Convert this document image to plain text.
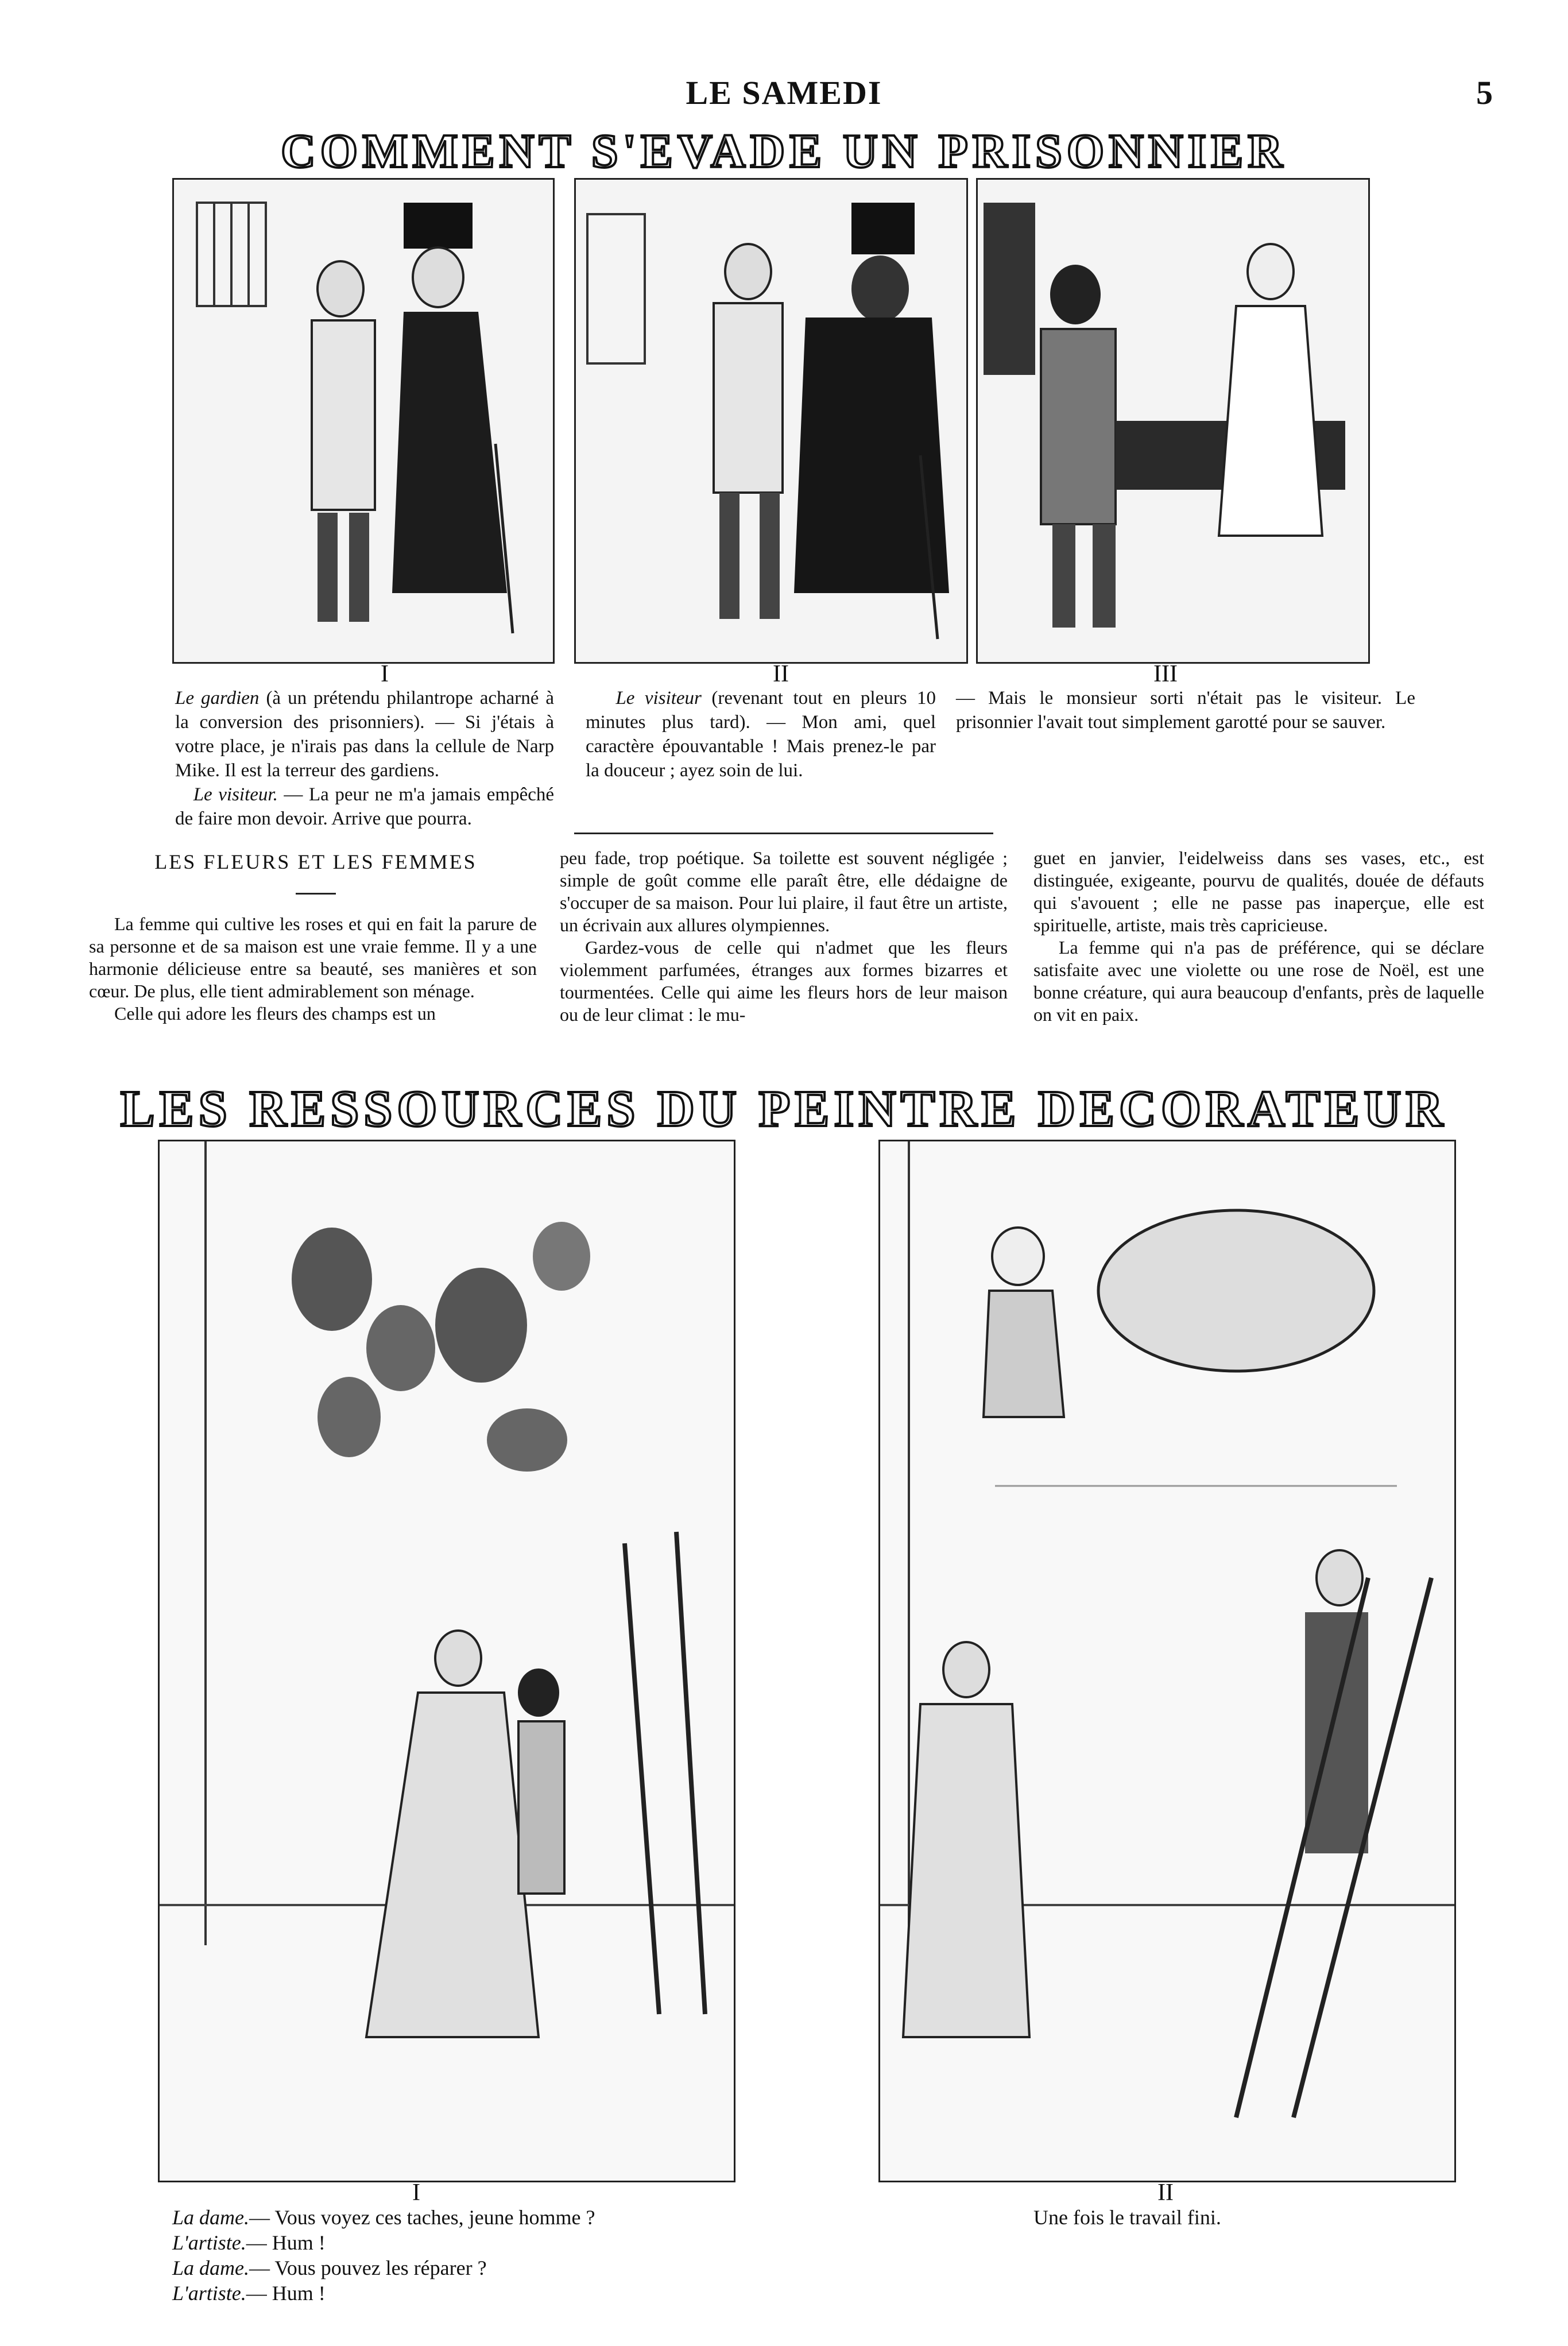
LE SAMEDI	5
COMMENT S'EVADE UN PRISONNIER
I	II	III
Le gardien (à un prétendu philantrope acharné à la conversion des prisonniers). — Si j'étais à votre place, je n'irais pas dans la cellule de Narp Mike. Il est la terreur des gardiens.
Le visiteur. — La peur ne m'a jamais empêché de faire mon devoir. Arrive que pourra.
Le visiteur (revenant tout en pleurs 10 minutes plus tard). — Mon ami, quel caractère épouvantable ! Mais prenez-le par la douceur ; ayez soin de lui.
— Mais le monsieur sorti n'était pas le visiteur. Le prisonnier l'avait tout simplement garotté pour se sauver.
LES FLEURS ET LES FEMMES

La femme qui cultive les roses et qui en fait la parure de sa personne et de sa maison est une vraie femme. Il y a une harmonie délicieuse entre sa beauté, ses manières et son cœur. De plus, elle tient admirablement son ménage.

Celle qui adore les fleurs des champs est un

peu fade, trop poétique. Sa toilette est souvent négligée ; simple de goût comme elle paraît être, elle dédaigne de s'occuper de sa maison. Pour lui plaire, il faut être un artiste, un écrivain aux allures olympiennes.

Gardez-vous de celle qui n'admet que les fleurs violemment parfumées, étranges aux formes bizarres et tourmentées. Celle qui aime les fleurs hors de leur maison ou de leur climat : le mu-

guet en janvier, l'eidelweiss dans ses vases, etc., est distinguée, exigeante, pourvu de qualités, douée de défauts qui s'avouent ; elle ne passe pas inaperçue, elle est spirituelle, artiste, mais très capricieuse.

La femme qui n'a pas de préférence, qui se déclare satisfaite avec une violette ou une rose de Noël, est une bonne créature, qui aura beaucoup d'enfants, près de laquelle on vit en paix.

LES RESSOURCES DU PEINTRE DECORATEUR
I	II
La dame.— Vous voyez ces taches, jeune homme ?
L'artiste.— Hum !
La dame.— Vous pouvez les réparer ?
L'artiste.— Hum !
Une fois le travail fini.
